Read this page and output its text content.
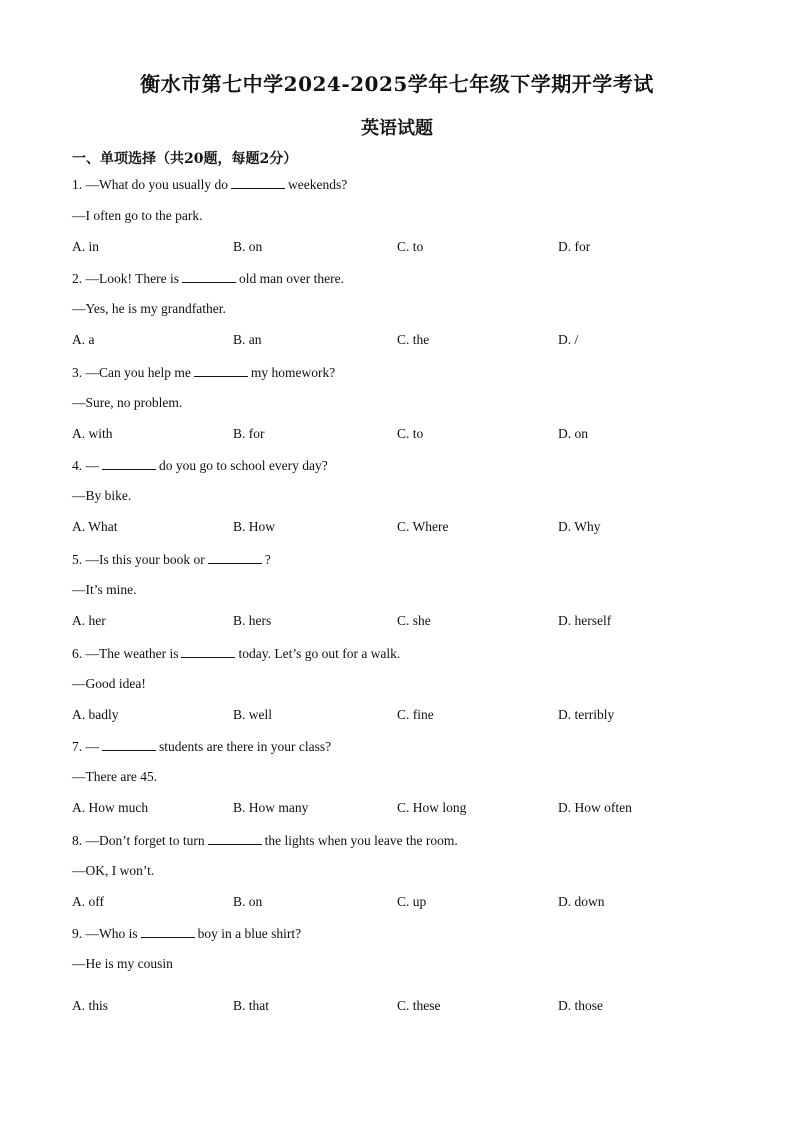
衡水市第七中学2024-2025学年七年级下学期开学考试
英语试题
一、单项选择（共20题，每题2分）
1. —What do you usually do	weekends?
—I often go to the park.
A. in	B. on	C. to	D. for
2. —Look! There is	old man over there.
—Yes, he is my grandfather.
A. a	B. an	C. the	D. /
3. —Can you help me	my homework?
—Sure, no problem.
A. with	B. for	C. to	D. on
4. —	do you go to school every day?
—By bike.
A. What	B. How	C. Where	D. Why
5. —Is this your book or	?
—It’s mine.
A. her	B. hers	C. she	D. herself
6. —The weather is	today. Let’s go out for a walk.
—Good idea!
A. badly	B. well	C. fine	D. terribly
7. —	students are there in your class?
—There are 45.
A. How much	B. How many	C. How long	D. How often
8. —Don’t forget to turn	the lights when you leave the room.
—OK, I won’t.
A. off	B. on	C. up	D. down
9. —Who is	boy in a blue shirt?
—He is my cousin
A. this	B. that	C. these	D. those
